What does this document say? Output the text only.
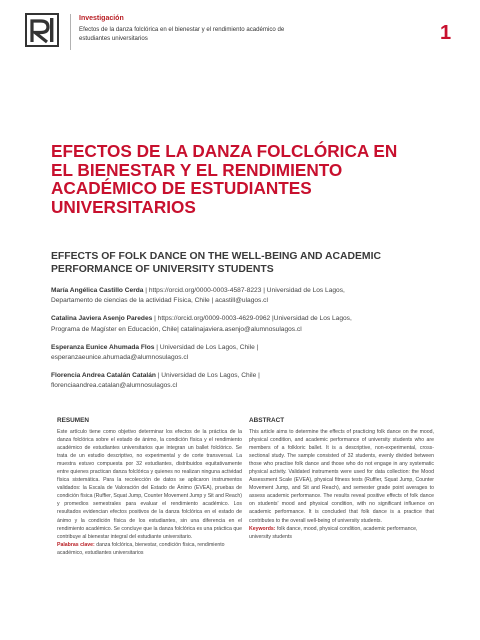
Investigación
Efectos de la danza folclórica en el bienestar y el rendimiento académico de estudiantes universitarios	1
EFECTOS DE LA DANZA FOLCLÓRICA EN EL BIENESTAR Y EL RENDIMIENTO ACADÉMICO DE ESTUDIANTES UNIVERSITARIOS
EFFECTS OF FOLK DANCE ON THE WELL-BEING AND ACADEMIC PERFORMANCE OF UNIVERSITY STUDENTS

María Angélica Castillo Cerda | https://orcid.org/0000-0003-4587-8223 | Universidad de Los Lagos, Departamento de ciencias de la actividad Física, Chile | acastill@ulagos.cl

Catalina Javiera Asenjo Paredes | https://orcid.org/0009-0003-4629-0962 |Universidad de Los Lagos, Programa de Magíster en Educación, Chile| catalinajaviera.asenjo@alumnosulagos.cl

Esperanza Eunice Ahumada Flos | Universidad de Los Lagos, Chile | esperanzaeunice.ahumada@alumnosulagos.cl

Florencia Andrea Catalán Catalán | Universidad de Los Lagos, Chile | florenciaandrea.catalan@alumnosulagos.cl

RESUMEN

Este artículo tiene como objetivo determinar los efectos de la práctica de la danza folclórica sobre el estado de ánimo, la condición física y el rendimiento académico de estudiantes universitarios que integran un ballet folclórico. Se trata de un estudio descriptivo, no experimental y de corte transversal. La muestra estuvo compuesta por 32 estudiantes, distribuidos equitativamente entre quienes practican danza folclórica y quienes no realizan ninguna actividad física sistemática. Para la recolección de datos se aplicaron instrumentos validados: la Escala de Valoración del Estado de Ánimo (EVEA), pruebas de condición física (Ruffier, Squat Jump, Counter Movement Jump y Sit and Reach) y promedios semestrales para evaluar el rendimiento académico. Los resultados evidencian efectos positivos de la danza folclórica en el estado de ánimo y la condición física de los estudiantes, sin una diferencia en el rendimiento académico. Se concluye que la danza folclórica es una práctica que contribuye al bienestar integral del estudiante universitario.

Palabras clave: danza folclórica, bienestar, condición física, rendimiento académico, estudiantes universitarios

ABSTRACT

This article aims to determine the effects of practicing folk dance on the mood, physical condition, and academic performance of university students who are members of a folkloric ballet. It is a descriptive, non-experimental, cross-sectional study. The sample consisted of 32 students, evenly divided between those who practise folk dance and those who do not engage in any systematic physical activity. Validated instruments were used for data collection: the Mood Assessment Scale (EVEA), physical fitness tests (Ruffier, Squat Jump, Counter Movement Jump, and Sit and Reach), and semester grade point averages to assess academic performance. The results reveal positive effects of folk dance on students' mood and physical condition, with no significant influence on academic performance. It is concluded that folk dance is a practice that contributes to the overall well-being of university students.

Keywords: folk dance, mood, physical condition, academic performance, university students
